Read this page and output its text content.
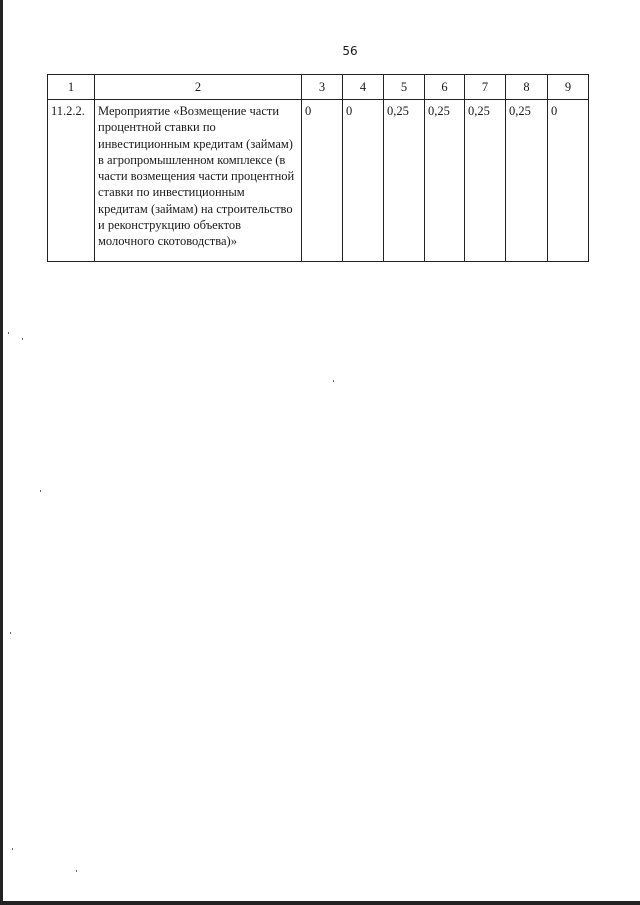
56
1	2	3	4	5	6	7	8	9
11.2.2.	Мероприятие «Возмещение части процентной ставки по инвестиционным кредитам (займам) в агропромышленном комплексе (в части возмещения части процентной ставки по инвестиционным кредитам (займам) на строительство и реконструкцию объектов молочного скотоводства)»	0	0	0,25	0,25	0,25	0,25	0
